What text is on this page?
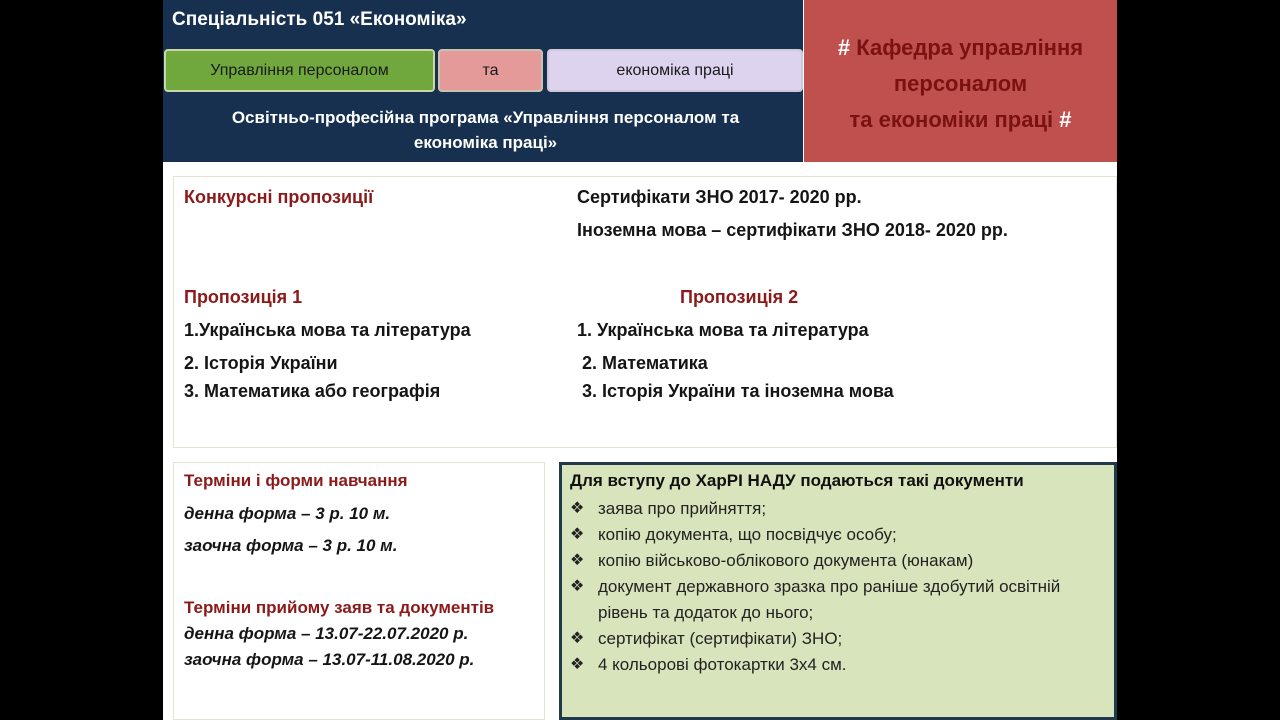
Спеціальність 051 «Економіка»
Управління персоналом	та	економіка праці
Освітньо-професійна програма «Управління персоналом та
економіка праці»
# Кафедра управління
персоналом
та економіки праці #
Конкурсні пропозиції	Сертифікати ЗНО 2017- 2020 рр.
Іноземна мова – сертифікати ЗНО 2018- 2020 рр.
Пропозиція 1
1.Українська мова та література
2. Історія України
3. Математика або географія
Пропозиція 2
1. Українська мова та література
2. Математика
3. Історія України та іноземна мова
Терміни і форми навчання
денна форма – 3 р. 10 м.
заочна форма – 3 р. 10 м.
Терміни прийому заяв та документів
денна форма – 13.07-22.07.2020 р.
заочна форма – 13.07-11.08.2020 р.
Для вступу до ХарРІ НАДУ подаються такі документи
❖ заява про прийняття;
❖ копію документа, що посвідчує особу;
❖ копію військово-облікового документа (юнакам)
❖ документ державного зразка про раніше здобутий освітній рівень та додаток до нього;
❖ сертифікат (сертифікати) ЗНО;
❖ 4 кольорові фотокартки 3х4 см.
